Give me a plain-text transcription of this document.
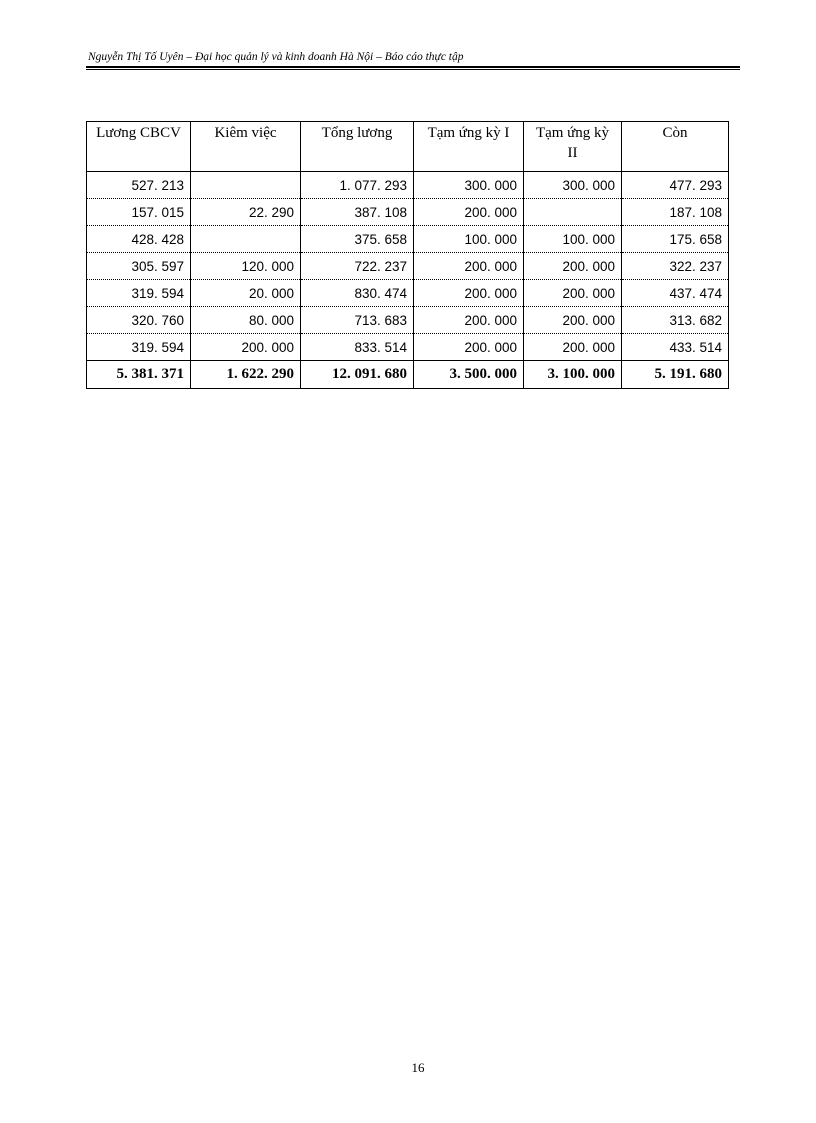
Nguyễn Thị Tố Uyên – Đại học quản lý và kinh doanh Hà Nội – Báo cáo thực tập
Lương CBCV	Kiêm việc	Tổng lương	Tạm ứng kỳ I	Tạm ứng kỳ II	Còn
527. 213		1. 077. 293	300. 000	300. 000	477. 293
157. 015	22. 290	387. 108	200. 000		187. 108
428. 428		375. 658	100. 000	100. 000	175. 658
305. 597	120. 000	722. 237	200. 000	200. 000	322. 237
319. 594	20. 000	830. 474	200. 000	200. 000	437. 474
320. 760	80. 000	713. 683	200. 000	200. 000	313. 682
319. 594	200. 000	833. 514	200. 000	200. 000	433. 514
5. 381. 371	1. 622. 290	12. 091. 680	3. 500. 000	3. 100. 000	5. 191. 680
16
